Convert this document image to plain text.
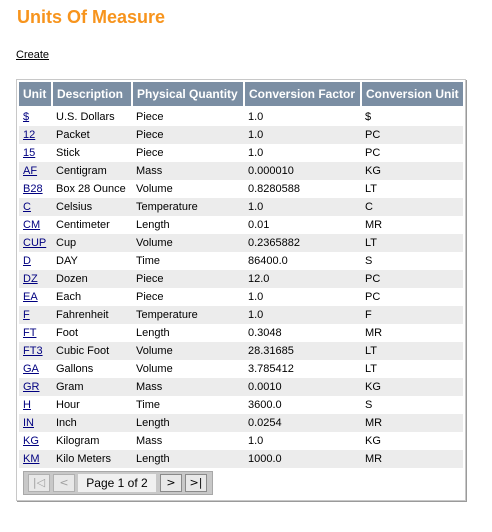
Units Of Measure
Create
Unit	Description	Physical Quantity	Conversion Factor	Conversion Unit
$	U.S. Dollars	Piece	1.0	$
12	Packet	Piece	1.0	PC
15	Stick	Piece	1.0	PC
AF	Centigram	Mass	0.000010	KG
B28	Box 28 Ounce	Volume	0.8280588	LT
C	Celsius	Temperature	1.0	C
CM	Centimeter	Length	0.01	MR
CUP	Cup	Volume	0.2365882	LT
D	DAY	Time	86400.0	S
DZ	Dozen	Piece	12.0	PC
EA	Each	Piece	1.0	PC
F	Fahrenheit	Temperature	1.0	F
FT	Foot	Length	0.3048	MR
FT3	Cubic Foot	Volume	28.31685	LT
GA	Gallons	Volume	3.785412	LT
GR	Gram	Mass	0.0010	KG
H	Hour	Time	3600.0	S
IN	Inch	Length	0.0254	MR
KG	Kilogram	Mass	1.0	KG
KM	Kilo Meters	Length	1000.0	MR
|◁	<	Page 1 of 2	>	>|
